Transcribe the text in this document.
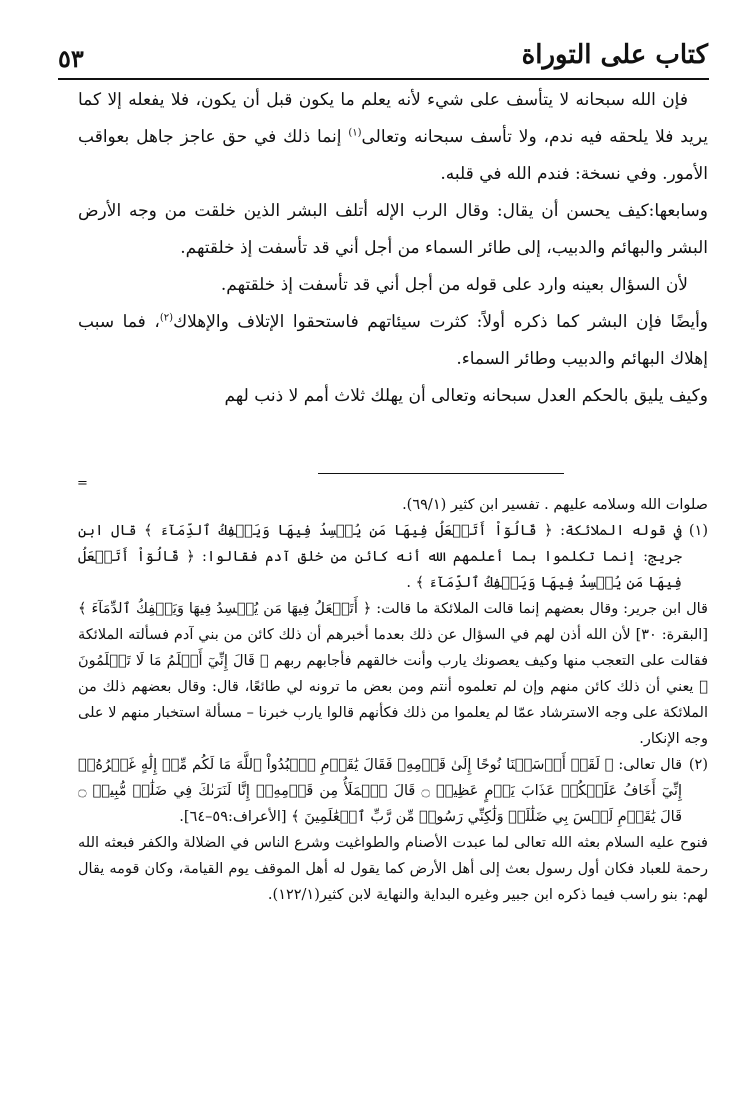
٥٣	كتاب على التوراة

فإن الله سبحانه لا يتأسف على شيء لأنه يعلم ما يكون قبل أن يكون، فلا يفعله إلا كما يريد فلا يلحقه فيه ندم، ولا تأسف سبحانه وتعالى$^{(١)}$ إنما ذلك في حق عاجز جاهل بعواقب الأمور. وفي نسخة: فندم الله في قلبه.

وسابعها:كيف يحسن أن يقال: وقال الرب الإله أتلف البشر الذين خلقت من وجه الأرض البشر والبهائم والدبيب، إلى طائر السماء من أجل أني قد تأسفت إذ خلقتهم.

لأن السؤال بعينه وارد على قوله من أجل أني قد تأسفت إذ خلقتهم.

وأيضًا فإن البشر كما ذكره أولاً: كثرت سيئاتهم فاستحقوا الإتلاف والإهلاك$^{(٢)}$، فما سبب إهلاك البهائم والدبيب وطائر السماء.

وكيف يليق بالحكم العدل سبحانه وتعالى أن يهلك ثلاث أمم لا ذنب لهم

=

صلوات الله وسلامه عليهم . تفسير ابن كثير (٦٩/١).

(١)
في قوله الملائكة: ﴿ قَالُوٓاْ أَتَجۡعَلُ فِيهَا مَن يُفۡسِدُ فِيهَا وَيَسۡفِكُ ٱلدِّمَآءَ ﴾ قال ابن جريج: إنما تكلموا بما أعلمهم الله أنه كائن من خلق آدم فقالوا: ﴿ قَالُوٓاْ أَتَجۡعَلُ فِيهَا مَن يُفۡسِدُ فِيهَا وَيَسۡفِكُ ٱلدِّمَآءَ ﴾ .

قال ابن جرير: وقال بعضهم إنما قالت الملائكة ما قالت: ﴿ أَتَجۡعَلُ فِيهَا مَن يُفۡسِدُ فِيهَا وَيَسۡفِكُ ٱلدِّمَآءَ ﴾ [البقرة: ٣٠] لأن الله أذن لهم في السؤال عن ذلك بعدما أخبرهم أن ذلك كائن من بني آدم فسألته الملائكة فقالت على التعجب منها وكيف يعصونك يارب وأنت خالقهم فأجابهم ربهم ﴿ قَالَ إِنِّيٓ أَعۡلَمُ مَا لَا تَعۡلَمُونَ ﴾ يعني أن ذلك كائن منهم وإن لم تعلموه أنتم ومن بعض ما ترونه لي طائعًا، قال: وقال بعضهم ذلك من الملائكة على وجه الاسترشاد عمّا لم يعلموا من ذلك فكأنهم قالوا يارب خبرنا – مسألة استخبار منهم لا على وجه الإنكار.

(٢)
قال تعالى: ﴿ لَقَدۡ أَرۡسَلۡنَا نُوحًا إِلَىٰ قَوۡمِهِۦ فَقَالَ يَٰقَوۡمِ ٱعۡبُدُواْ ٱللَّهَ مَا لَكُم مِّنۡ إِلَٰهٍ غَيۡرُهُۥٓ إِنِّيٓ أَخَافُ عَلَيۡكُمۡ عَذَابَ يَوۡمٍ عَظِيمٖ ۝ قَالَ ٱلۡمَلَأُ مِن قَوۡمِهِۦٓ إِنَّا لَنَرَىٰكَ فِي ضَلَٰلٖ مُّبِينٖ ۝ قَالَ يَٰقَوۡمِ لَيۡسَ بِي ضَلَٰلَةٞ وَلَٰكِنِّي رَسُولٞ مِّن رَّبِّ ٱلۡعَٰلَمِينَ ﴾ [الأعراف:٥٩–٦٤].

فنوح عليه السلام بعثه الله تعالى لما عبدت الأصنام والطواغيت وشرع الناس في الضلالة والكفر فبعثه الله رحمة للعباد فكان أول رسول بعث إلى أهل الأرض كما يقول له أهل الموقف يوم القيامة، وكان قومه يقال لهم: بنو راسب فيما ذكره ابن جبير وغيره البداية والنهاية لابن كثير(١٢٢/١).
